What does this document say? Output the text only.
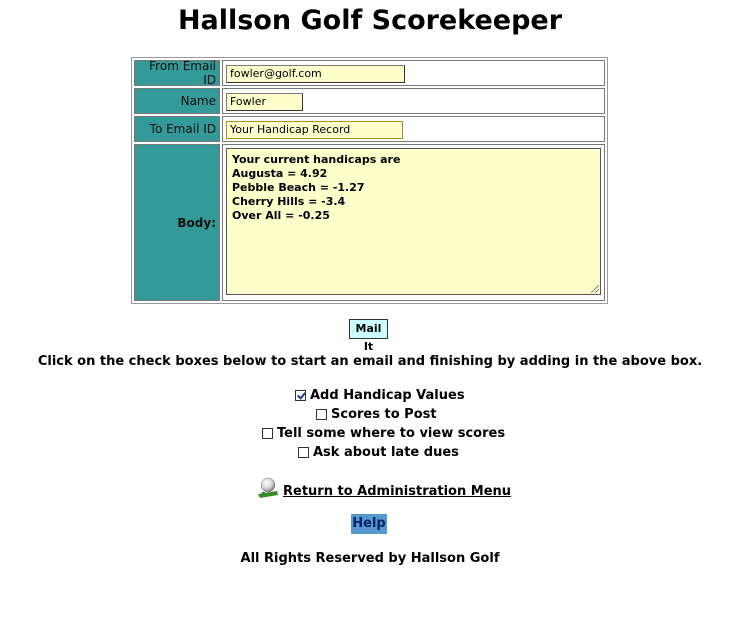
Hallson Golf Scorekeeper
From Email ID	fowler@golf.com
Name	Fowler
To Email ID	Your Handicap Record
Body:
Your current handicaps are
Augusta = 4.92
Pebble Beach = -1.27
Cherry Hills = -3.4
Over All = -0.25
Mail It
Click on the check boxes below to start an email and finishing by adding in the above box.
Add Handicap Values
Scores to Post
Tell some where to view scores
Ask about late dues
Return to Administration Menu
Help
All Rights Reserved by Hallson Golf
